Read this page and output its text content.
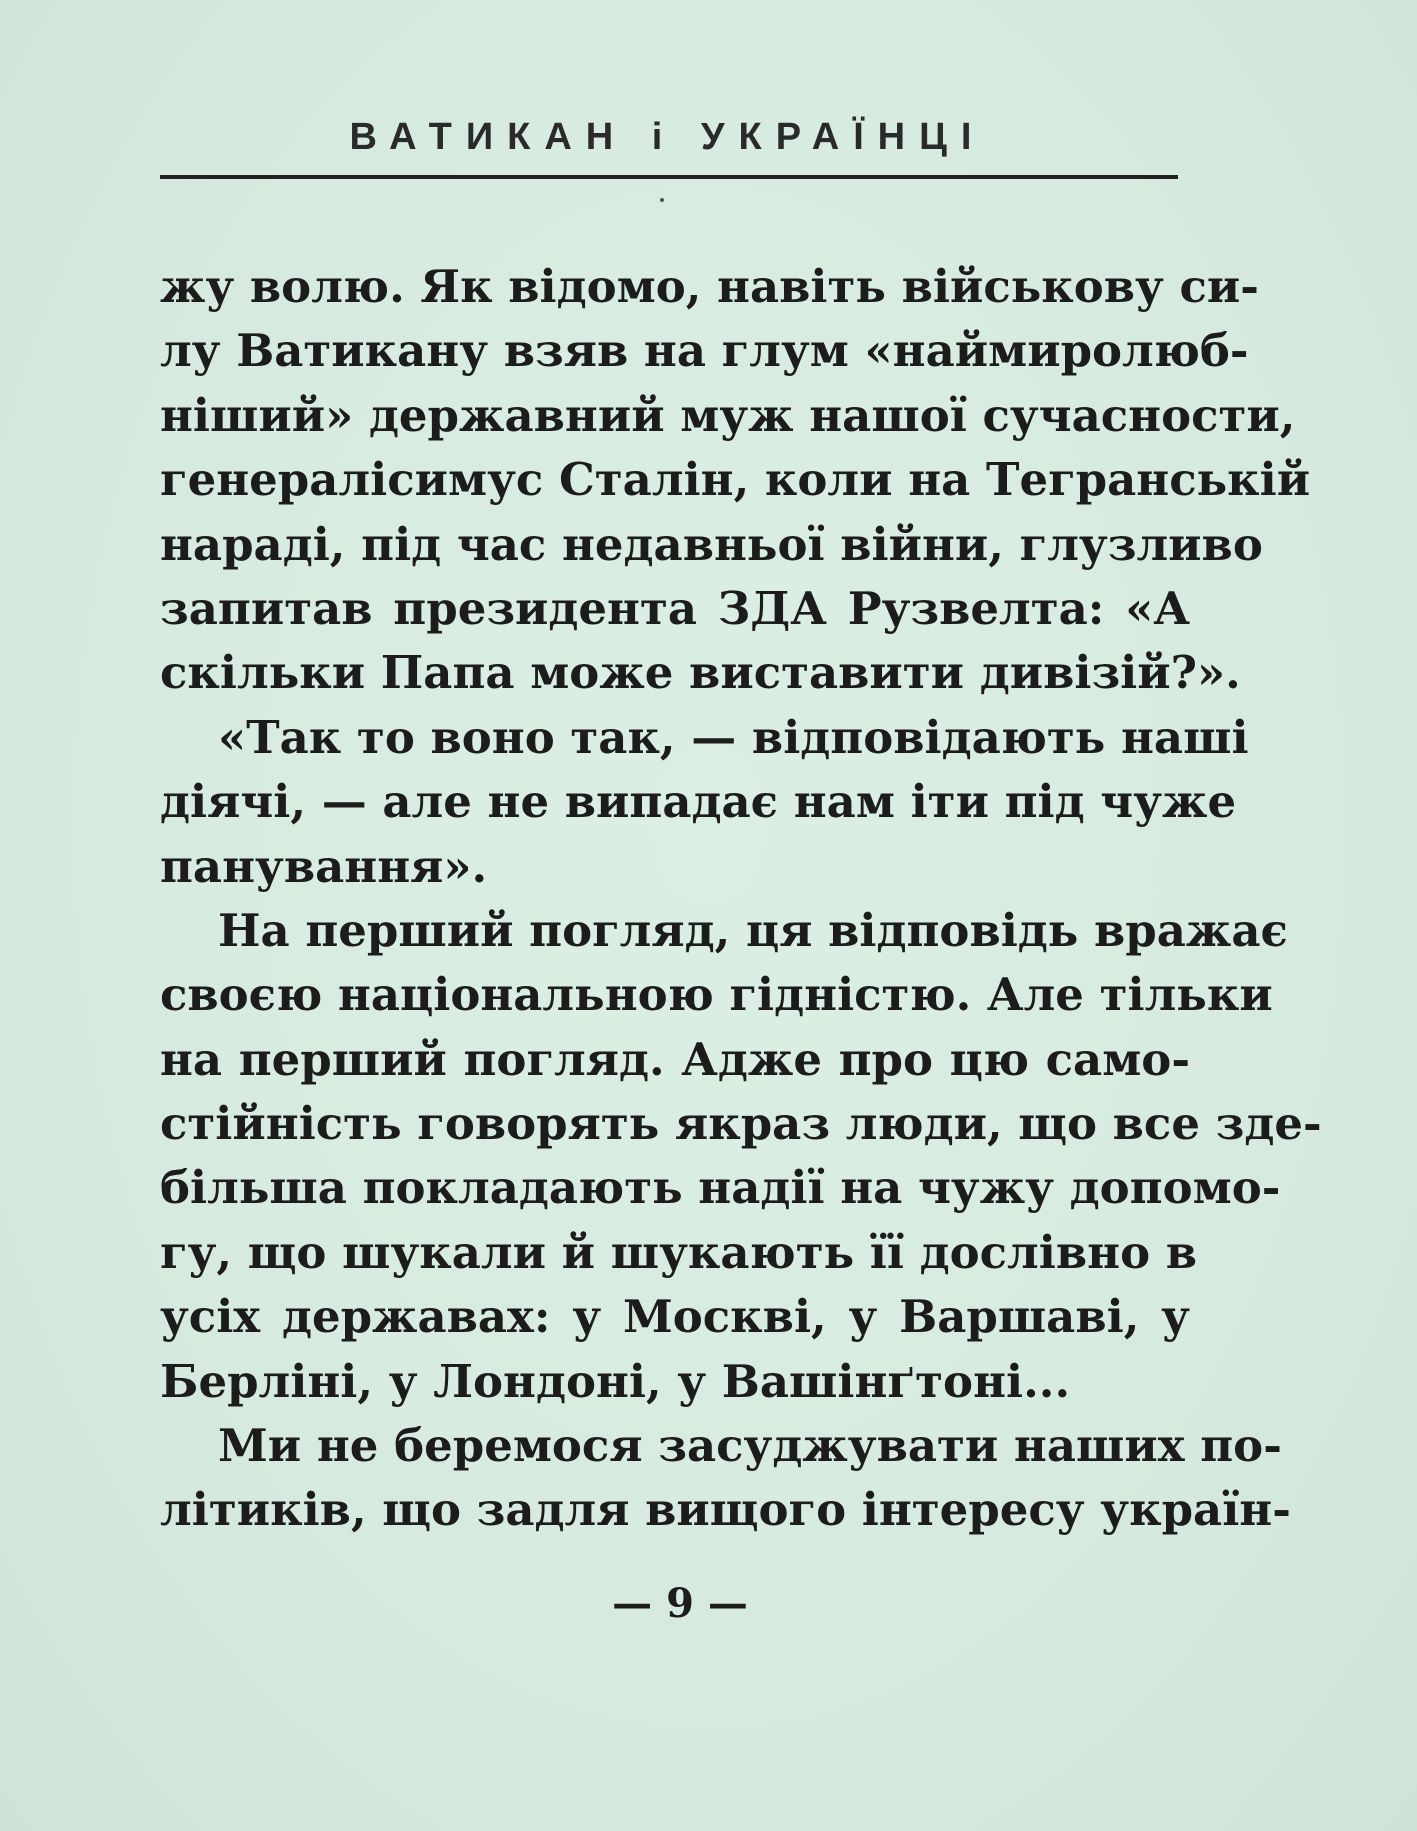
ВАТИКАН і УКРАЇНЦІ
жу волю. Як відомо, навіть військову си-
лу Ватикану взяв на глум «наймиролюб-
ніший» державний муж нашої сучасности,
генералісимус Сталін, коли на Тегранській
нараді, під час недавньої війни, глузливо
запитав президента ЗДА Рузвелта: «А
скільки Папа може виставити дивізій?».
«Так то воно так, — відповідають наші
діячі, — але не випадає нам іти під чуже
панування».
На перший погляд, ця відповідь вражає
своєю національною гідністю. Але тільки
на перший погляд. Адже про цю само-
стійність говорять якраз люди, що все зде-
більша покладають надії на чужу допомо-
гу, що шукали й шукають її дослівно в
усіх державах: у Москві, у Варшаві, у
Берліні, у Лондоні, у Вашінґтоні...
Ми не беремося засуджувати наших по-
літиків, що задля вищого інтересу україн-
— 9 —
